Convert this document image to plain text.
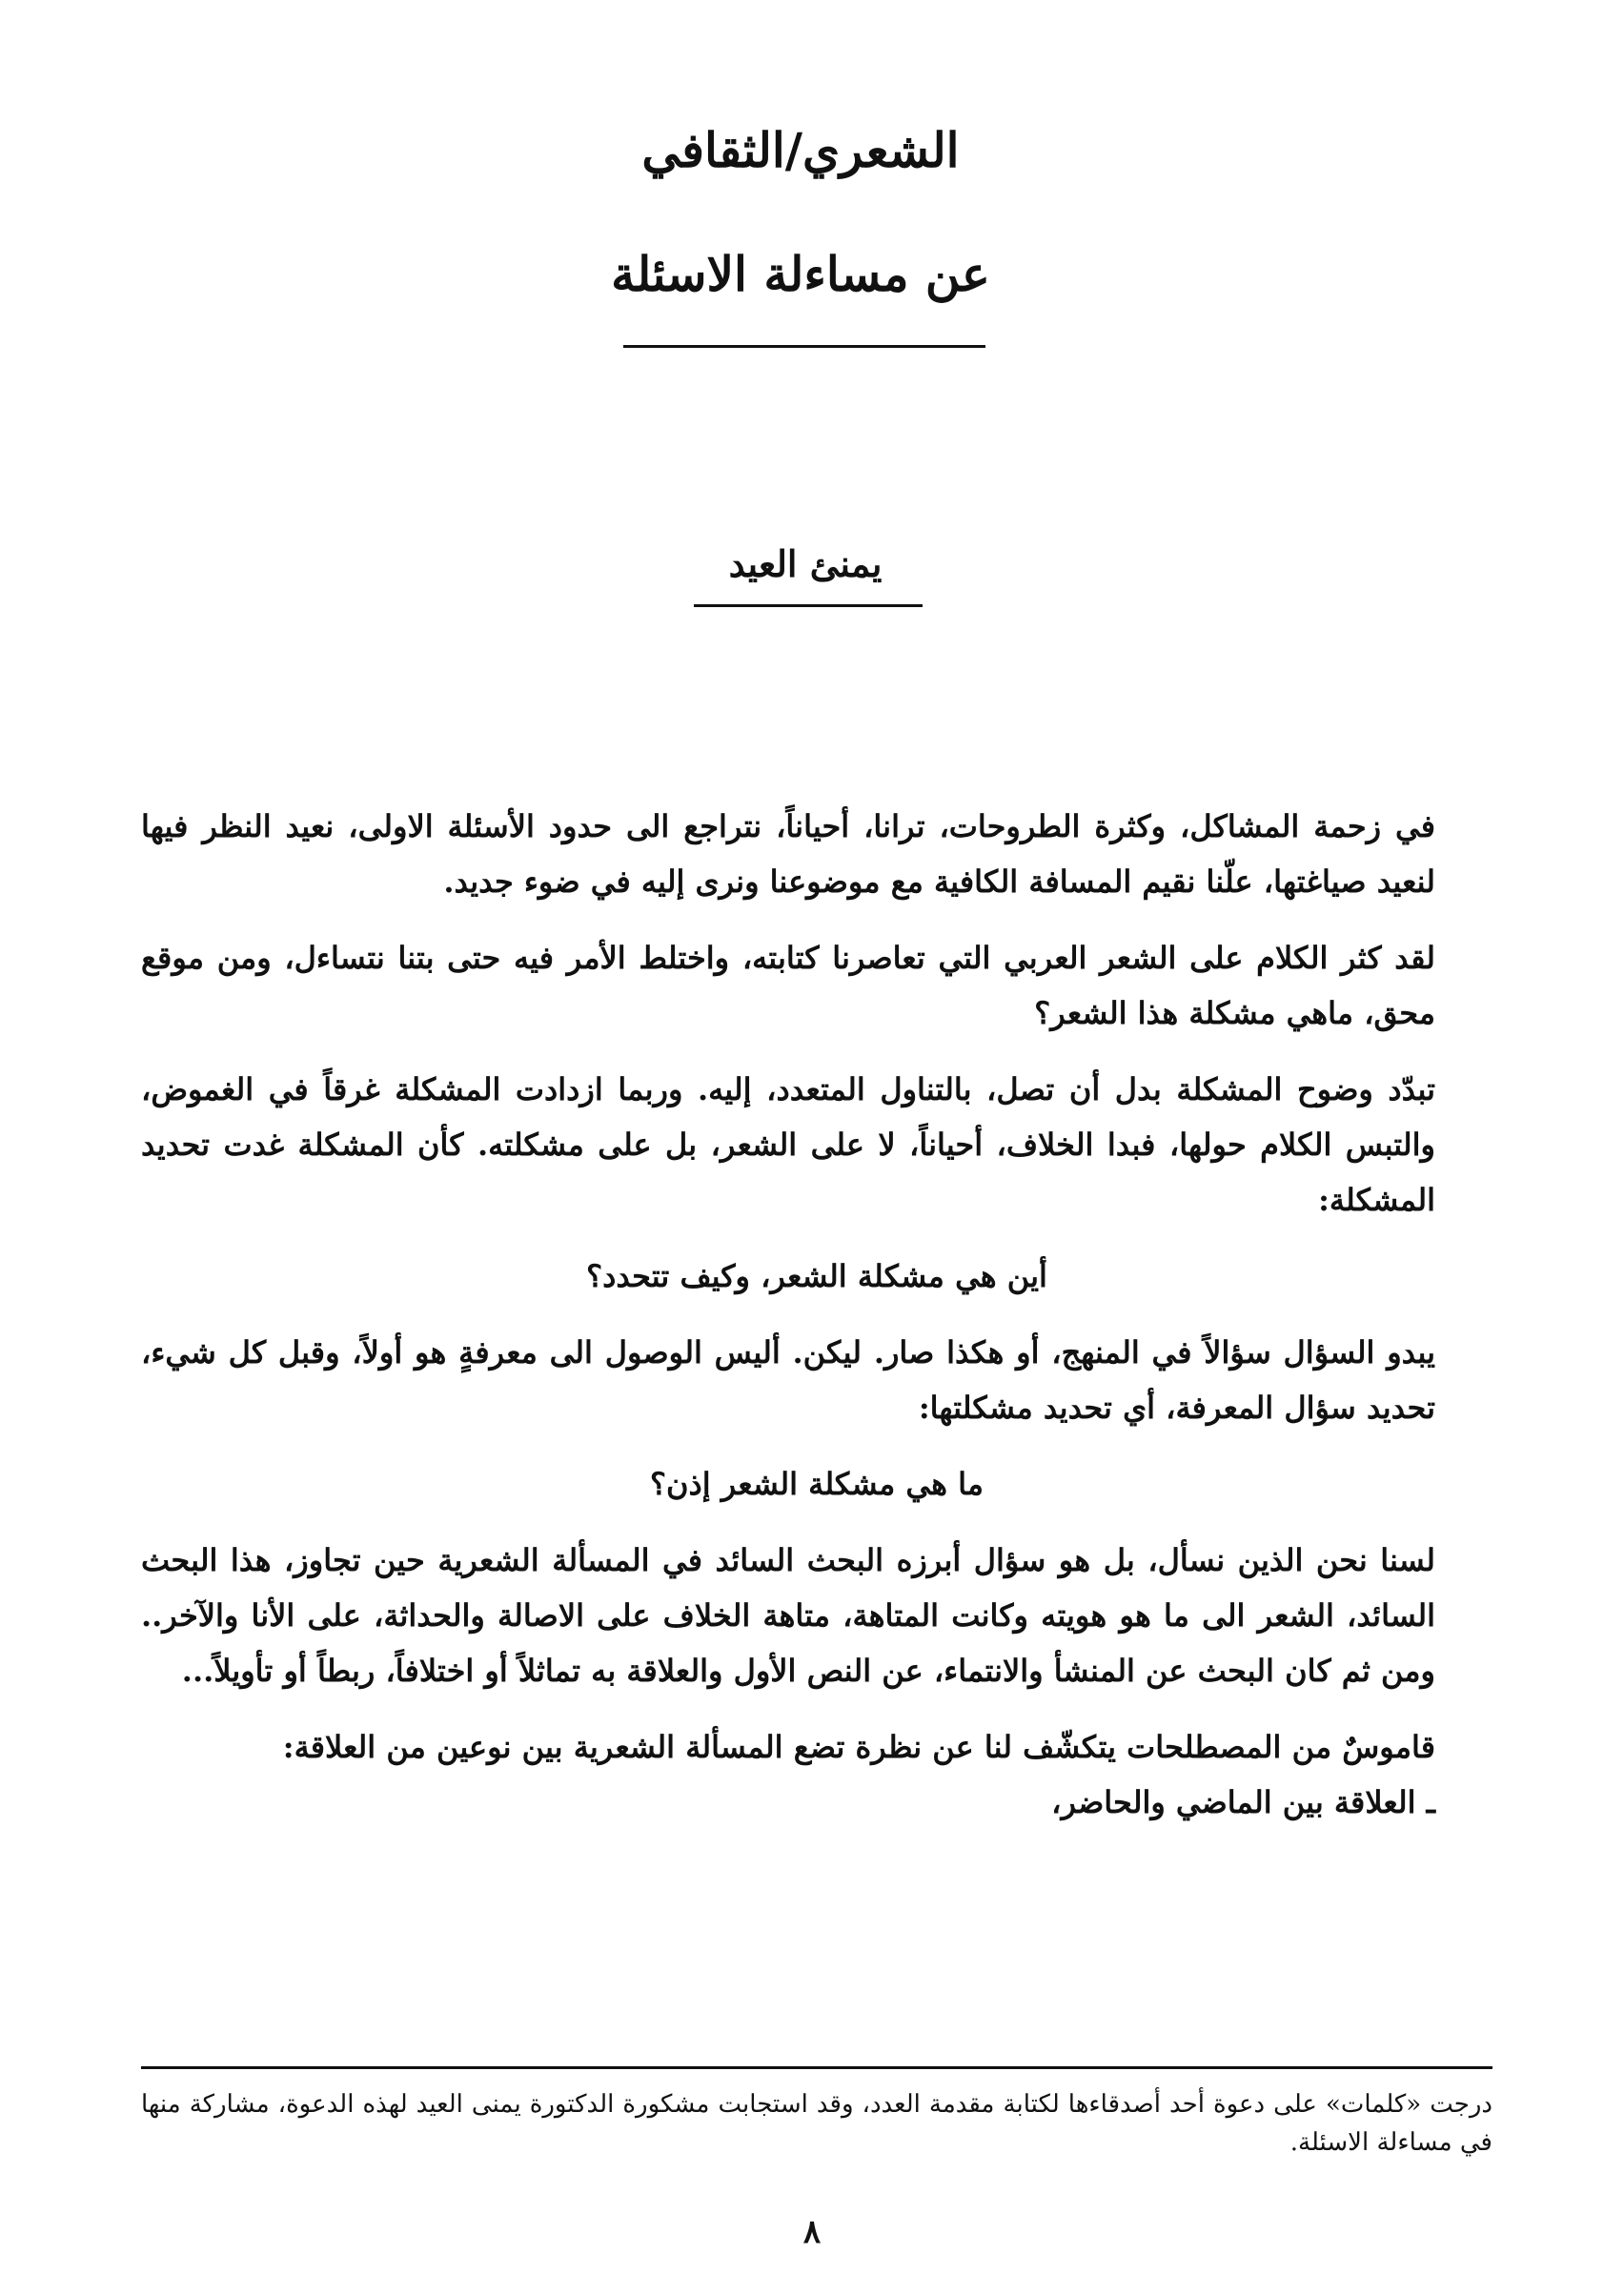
الشعري/الثقافي
عن مساءلة الاسئلة
يمنئ العيد

في زحمة المشاكل، وكثرة الطروحات، ترانا، أحياناً، نتراجع الى حدود الأسئلة الاولى، نعيد النظر فيها لنعيد صياغتها، علّنا نقيم المسافة الكافية مع موضوعنا ونرى إليه في ضوء جديد.

لقد كثر الكلام على الشعر العربي التي تعاصرنا كتابته، واختلط الأمر فيه حتى بتنا نتساءل، ومن موقع محق، ماهي مشكلة هذا الشعر؟

تبدّد وضوح المشكلة بدل أن تصل، بالتناول المتعدد، إليه. وربما ازدادت المشكلة غرقاً في الغموض، والتبس الكلام حولها، فبدا الخلاف، أحياناً، لا على الشعر، بل على مشكلته. كأن المشكلة غدت تحديد المشكلة:

أين هي مشكلة الشعر، وكيف تتحدد؟

يبدو السؤال سؤالاً في المنهج، أو هكذا صار. ليكن. أليس الوصول الى معرفةٍ هو أولاً، وقبل كل شيء، تحديد سؤال المعرفة، أي تحديد مشكلتها:

ما هي مشكلة الشعر إذن؟

لسنا نحن الذين نسأل، بل هو سؤال أبرزه البحث السائد في المسألة الشعرية حين تجاوز، هذا البحث السائد، الشعر الى ما هو هويته وكانت المتاهة، متاهة الخلاف على الاصالة والحداثة، على الأنا والآخر.. ومن ثم كان البحث عن المنشأ والانتماء، عن النص الأول والعلاقة به تماثلاً أو اختلافاً، ربطاً أو تأويلاً...

قاموسٌ من المصطلحات يتكشّف لنا عن نظرة تضع المسألة الشعرية بين نوعين من العلاقة:

ـ العلاقة بين الماضي والحاضر،

درجت «كلمات» على دعوة أحد أصدقاءها لكتابة مقدمة العدد، وقد استجابت مشكورة الدكتورة يمنى العيد لهذه الدعوة، مشاركة منها في مساءلة الاسئلة.
٨
